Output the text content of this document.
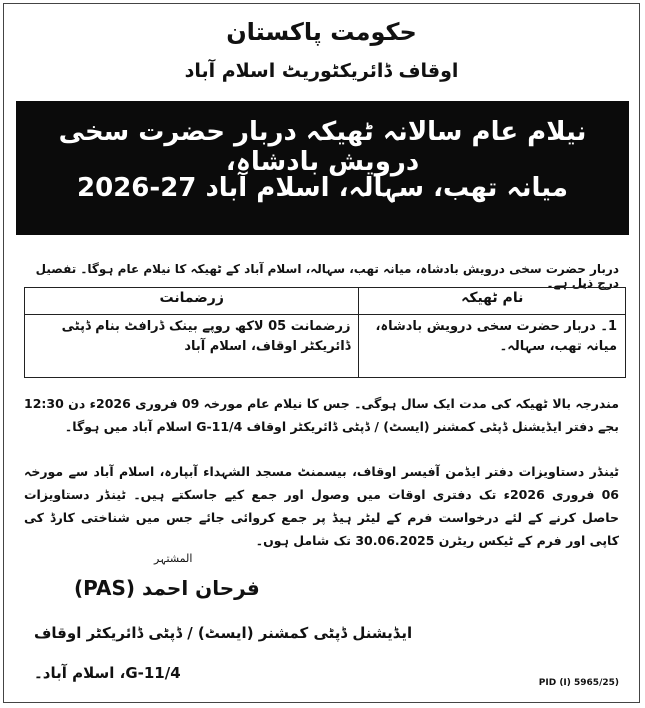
حکومت پاکستان
اوقاف ڈائریکٹوریٹ اسلام آباد
نیلام عام سالانہ ٹھیکہ دربار حضرت سخی درویش بادشاہ،
میانہ تھب، سہالہ، اسلام آباد 27-2026
دربار حضرت سخی درویش بادشاہ، میانہ تھب، سہالہ، اسلام آباد کے ٹھیکہ کا نیلام عام ہوگا۔ تفصیل درج ذیل ہے۔
نام ٹھیکہ	زرضمانت
1۔ دربار حضرت سخی درویش بادشاہ، میانہ تھب، سہالہ۔	زرضمانت 05 لاکھ روپے بینک ڈرافٹ بنام ڈپٹی ڈائریکٹر اوقاف، اسلام آباد
مندرجہ بالا ٹھیکہ کی مدت ایک سال ہوگی۔ جس کا نیلام عام مورخہ 09 فروری 2026ء دن 12:30 بجے دفتر ایڈیشنل ڈپٹی کمشنر (ایسٹ) / ڈپٹی ڈائریکٹر اوقاف G-11/4 اسلام آباد میں ہوگا۔
ٹینڈر دستاویزات دفتر ایڈمن آفیسر اوقاف، بیسمنٹ مسجد الشہداء آبپارہ، اسلام آباد سے مورخہ 06 فروری 2026ء تک دفتری اوقات میں وصول اور جمع کیے جاسکتے ہیں۔ ٹینڈر دستاویزات حاصل کرنے کے لئے درخواست فرم کے لیٹر ہیڈ پر جمع کروائی جائے جس میں شناختی کارڈ کی کاپی اور فرم کے ٹیکس ریٹرن 30.06.2025 تک شامل ہوں۔
المشتہر
فرحان احمد (PAS)
ایڈیشنل ڈپٹی کمشنر (ایسٹ) / ڈپٹی ڈائریکٹر اوقاف
G-11/4، اسلام آباد۔
PID (I) 5965/25)
